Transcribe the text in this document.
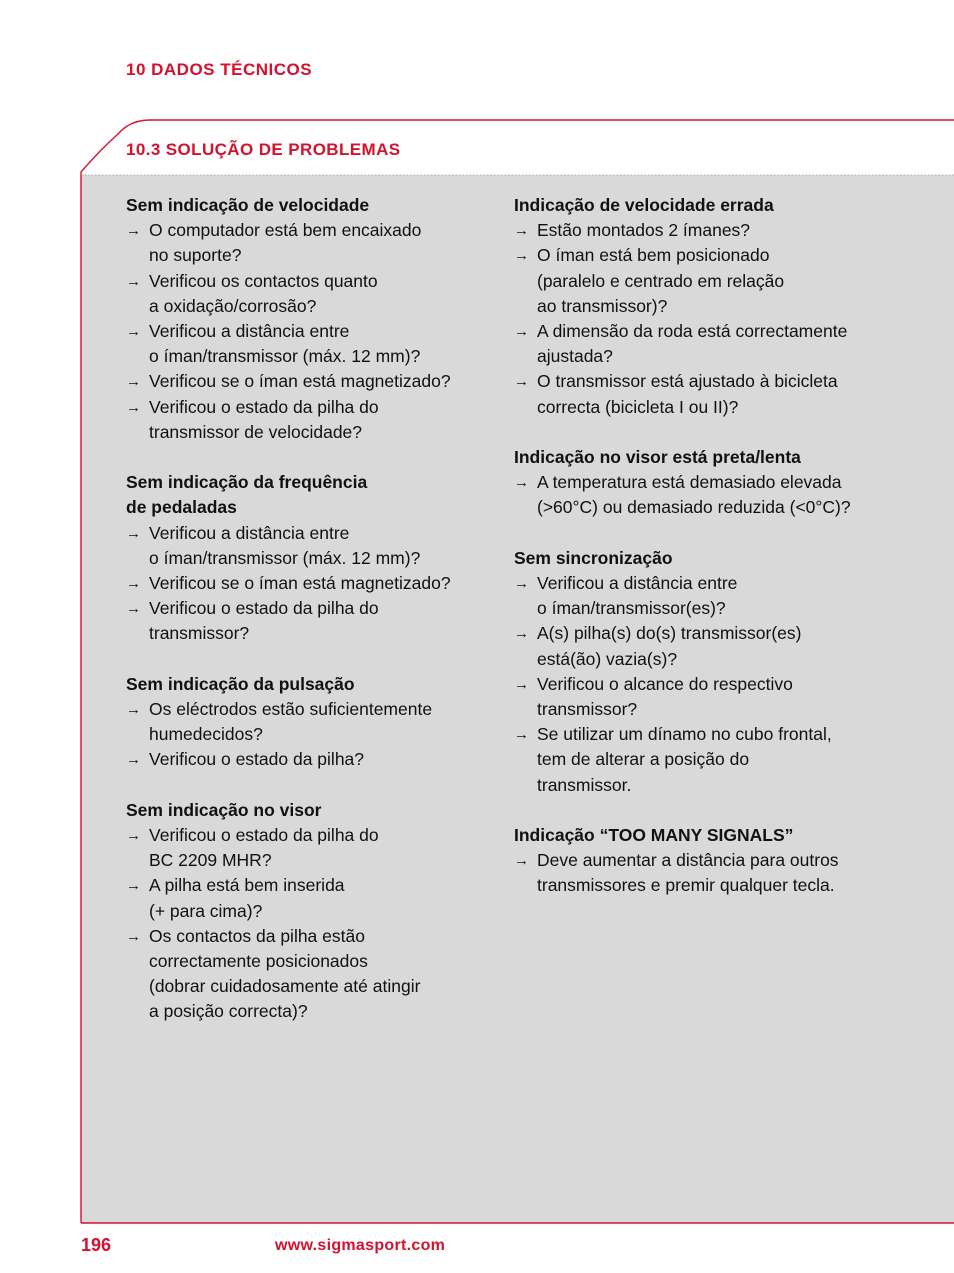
10 DADOS TÉCNICOS
10.3 SOLUÇÃO DE PROBLEMAS
Sem indicação de velocidade
→ O computador está bem encaixado
no suporte?
→ Verificou os contactos quanto
a oxidação/corrosão?
→ Verificou a distância entre
o íman/transmissor (máx. 12 mm)?
→ Verificou se o íman está magnetizado?
→ Verificou o estado da pilha do
transmissor de velocidade?
Sem indicação da frequência
de pedaladas
→ Verificou a distância entre
o íman/transmissor (máx. 12 mm)?
→ Verificou se o íman está magnetizado?
→ Verificou o estado da pilha do
transmissor?
Sem indicação da pulsação
→ Os eléctrodos estão suficientemente
humedecidos?
→ Verificou o estado da pilha?
Sem indicação no visor
→ Verificou o estado da pilha do
BC 2209 MHR?
→ A pilha está bem inserida
(+ para cima)?
→ Os contactos da pilha estão
correctamente posicionados
(dobrar cuidadosamente até atingir
a posição correcta)?
Indicação de velocidade errada
→ Estão montados 2 ímanes?
→ O íman está bem posicionado
(paralelo e centrado em relação
ao transmissor)?
→ A dimensão da roda está correctamente
ajustada?
→ O transmissor está ajustado à bicicleta
correcta (bicicleta I ou II)?
Indicação no visor está preta/lenta
→ A temperatura está demasiado elevada
(>60°C) ou demasiado reduzida (<0°C)?
Sem sincronização
→ Verificou a distância entre
o íman/transmissor(es)?
→ A(s) pilha(s) do(s) transmissor(es)
está(ão) vazia(s)?
→ Verificou o alcance do respectivo
transmissor?
→ Se utilizar um dínamo no cubo frontal,
tem de alterar a posição do
transmissor.
Indicação “TOO MANY SIGNALS”
→ Deve aumentar a distância para outros
transmissores e premir qualquer tecla.
196	www.sigmasport.com
